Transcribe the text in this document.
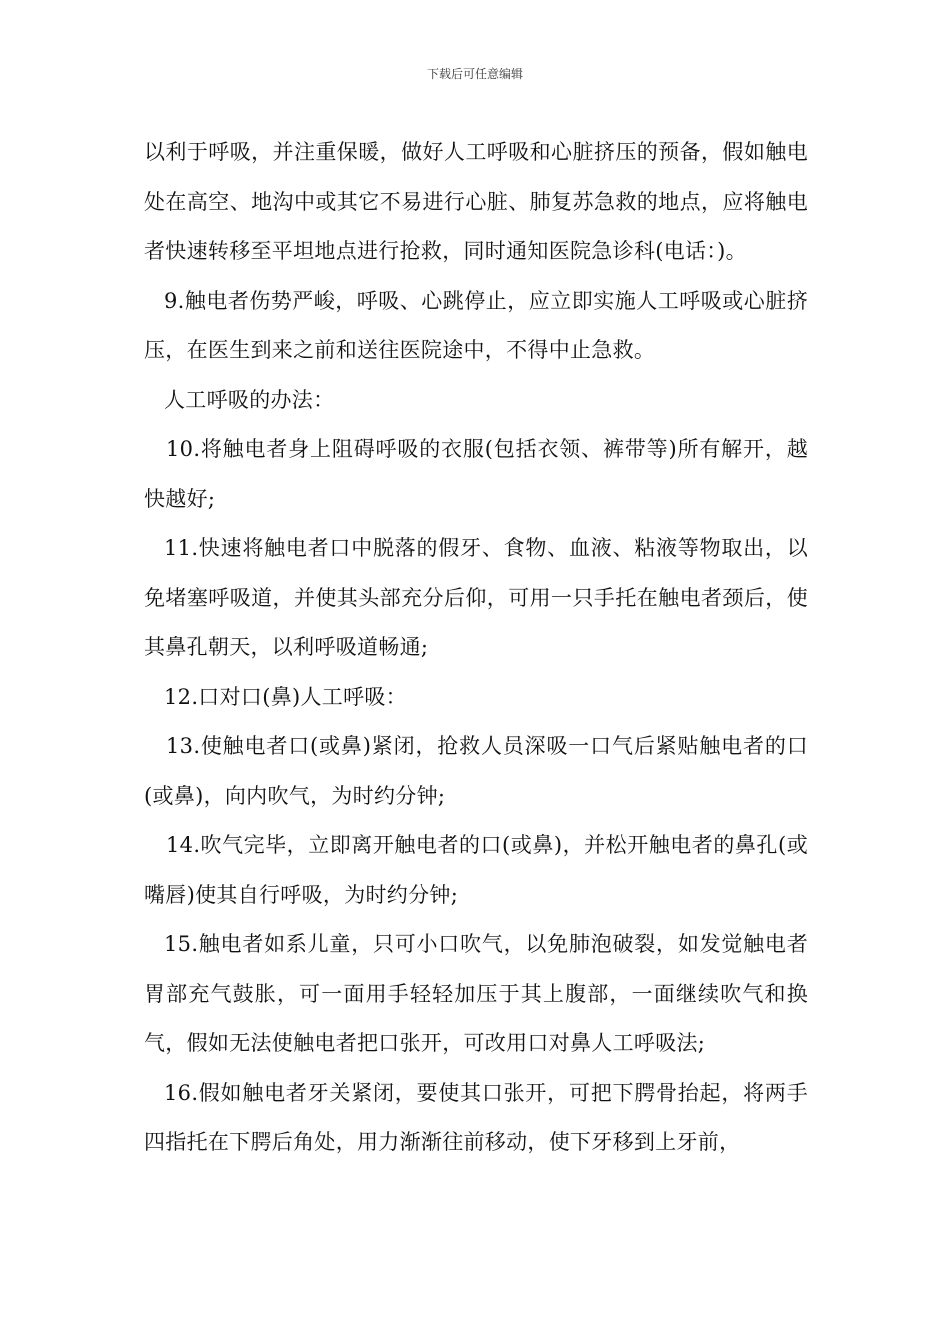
下载后可任意编辑

以利于呼吸，并注重保暖，做好人工呼吸和心脏挤压的预备，假如触电处在高空、地沟中或其它不易进行心脏、肺复苏急救的地点，应将触电者快速转移至平坦地点进行抢救，同时通知医院急诊科(电话：)。

9.触电者伤势严峻，呼吸、心跳停止，应立即实施人工呼吸或心脏挤压，在医生到来之前和送往医院途中，不得中止急救。

人工呼吸的办法：

10.将触电者身上阻碍呼吸的衣服(包括衣领、裤带等)所有解开，越快越好;

11.快速将触电者口中脱落的假牙、食物、血液、粘液等物取出，以免堵塞呼吸道，并使其头部充分后仰，可用一只手托在触电者颈后，使其鼻孔朝天，以利呼吸道畅通;

12.口对口(鼻)人工呼吸：

13.使触电者口(或鼻)紧闭，抢救人员深吸一口气后紧贴触电者的口(或鼻)，向内吹气，为时约分钟;

14.吹气完毕，立即离开触电者的口(或鼻)，并松开触电者的鼻孔(或嘴唇)使其自行呼吸，为时约分钟;

15.触电者如系儿童，只可小口吹气，以免肺泡破裂，如发觉触电者胃部充气鼓胀，可一面用手轻轻加压于其上腹部，一面继续吹气和换气，假如无法使触电者把口张开，可改用口对鼻人工呼吸法;

16.假如触电者牙关紧闭，要使其口张开，可把下腭骨抬起，将两手四指托在下腭后角处，用力渐渐往前移动，使下牙移到上牙前，
